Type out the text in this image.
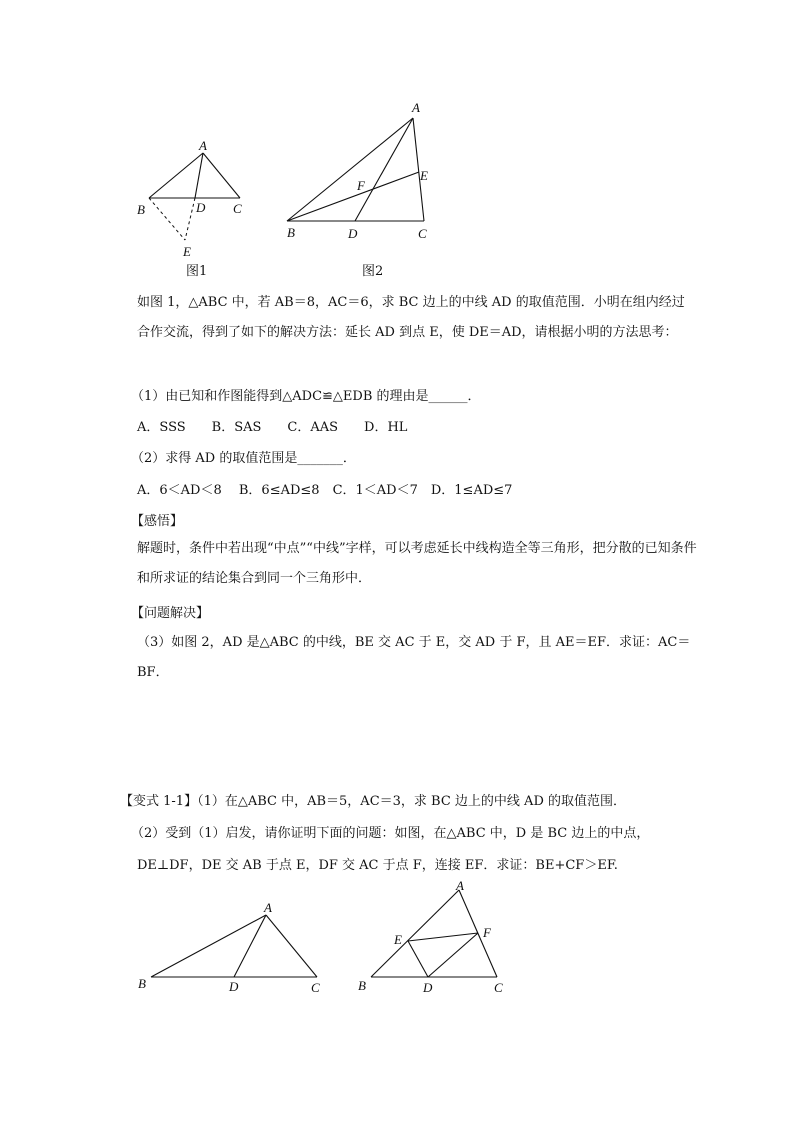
A
B	D C
E
图1
A
E
F
B	D	C
图2
如图 1，△ABC 中，若 AB＝8，AC＝6，求 BC 边上的中线 AD 的取值范围．小明在组内经过合作交流，得到了如下的解决方法：延长 AD 到点 E，使 DE＝AD，请根据小明的方法思考：
（1）由已知和作图能得到△ADC≌△EDB 的理由是______．
A．SSS　　B．SAS　　C．AAS　　D．HL
（2）求得 AD 的取值范围是_______．
A．6＜AD＜8　 B．6≤AD≤8　C．1＜AD＜7　D．1≤AD≤7
【感悟】
解题时，条件中若出现“中点”“中线”字样，可以考虑延长中线构造全等三角形，把分散的已知条件和所求证的结论集合到同一个三角形中．
【问题解决】
（3）如图 2，AD 是△ABC 的中线，BE 交 AC 于 E，交 AD 于 F，且 AE＝EF．求证：AC＝BF．
【变式 1-1】（1）在△ABC 中，AB＝5，AC＝3，求 BC 边上的中线 AD 的取值范围．
（2）受到（1）启发，请你证明下面的问题：如图，在△ABC 中，D 是 BC 边上的中点，
DE⊥DF，DE 交 AB 于点 E，DF 交 AC 于点 F，连接 EF．求证：BE+CF＞EF.
A
B	D	C
A
E	F
B	D	C
